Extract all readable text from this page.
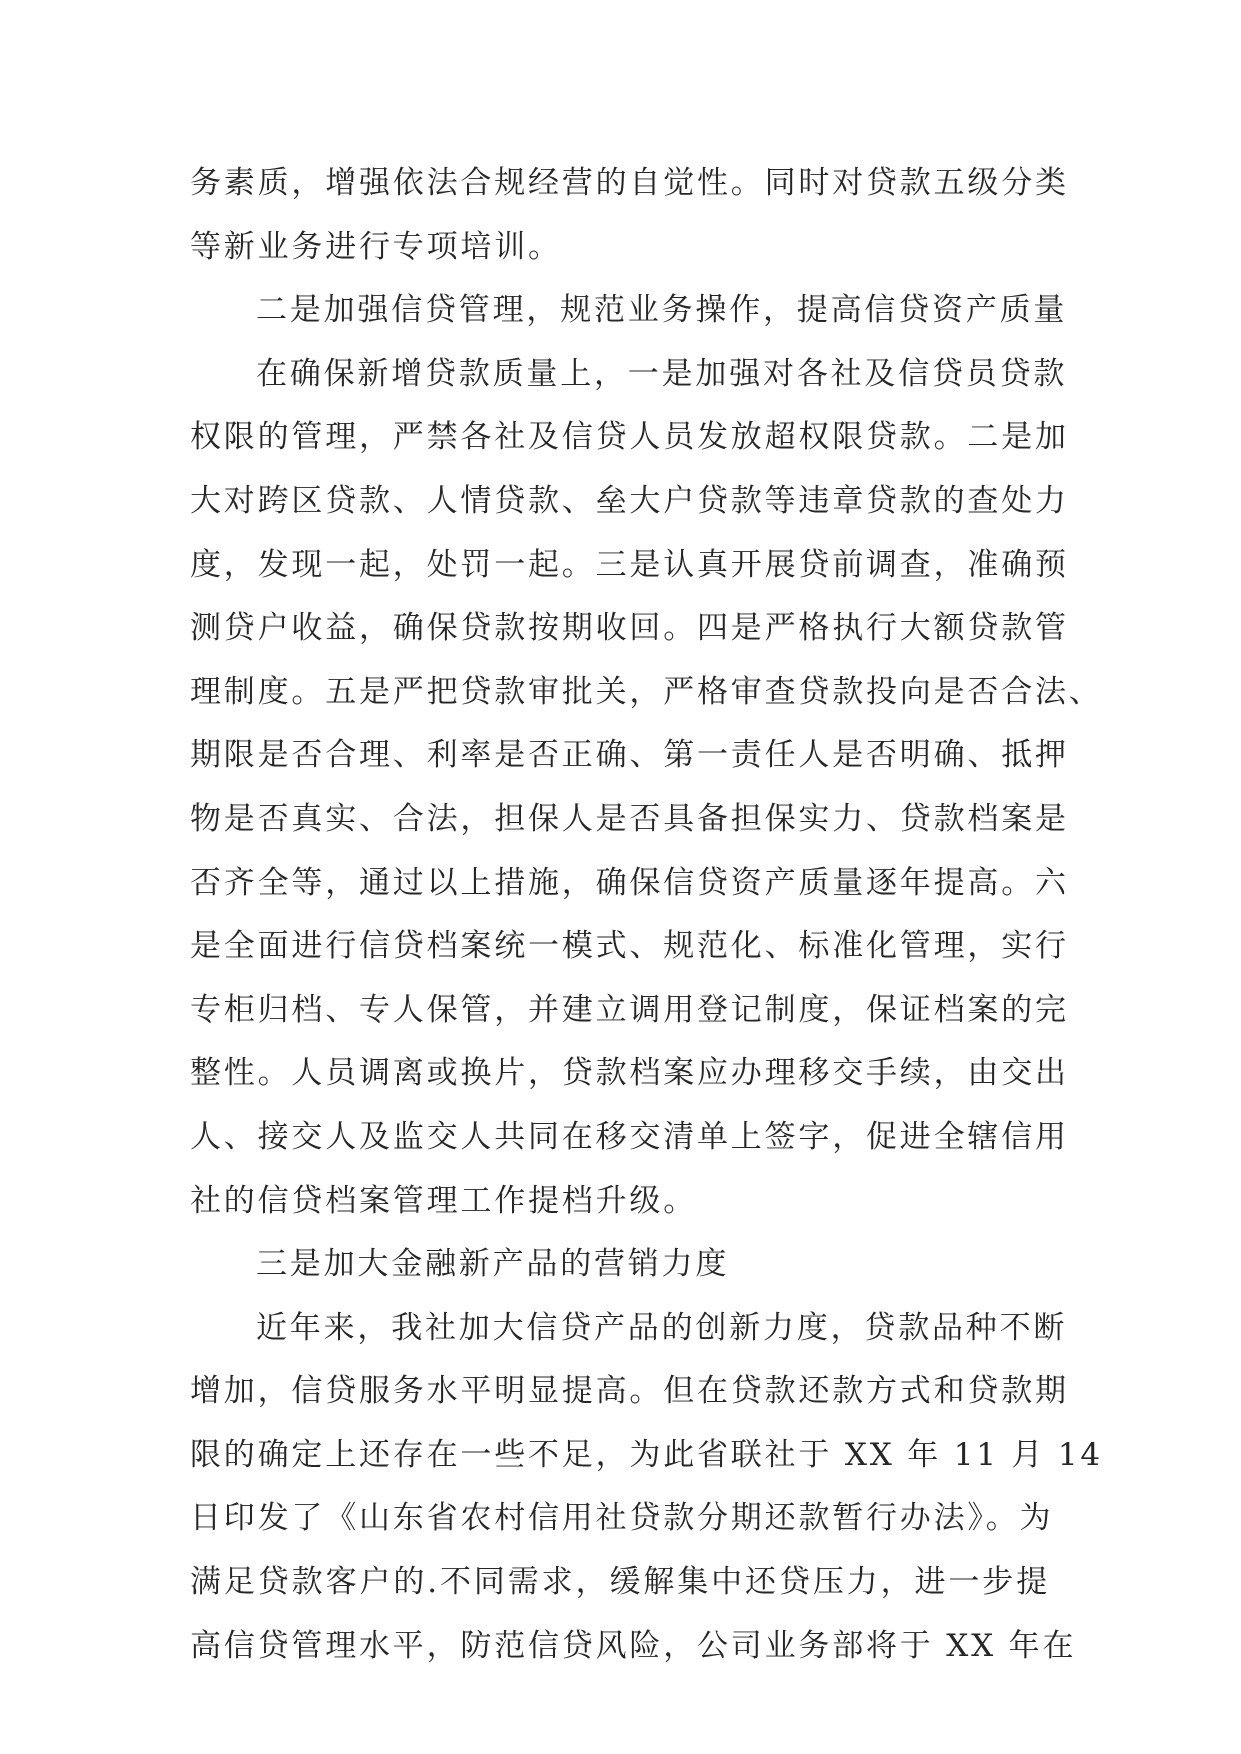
务素质，增强依法合规经营的自觉性。同时对贷款五级分类
等新业务进行专项培训。
二是加强信贷管理，规范业务操作，提高信贷资产质量
在确保新增贷款质量上，一是加强对各社及信贷员贷款
权限的管理，严禁各社及信贷人员发放超权限贷款。二是加
大对跨区贷款、人情贷款、垒大户贷款等违章贷款的查处力
度，发现一起，处罚一起。三是认真开展贷前调查，准确预
测贷户收益，确保贷款按期收回。四是严格执行大额贷款管
理制度。五是严把贷款审批关，严格审查贷款投向是否合法、
期限是否合理、利率是否正确、第一责任人是否明确、抵押
物是否真实、合法，担保人是否具备担保实力、贷款档案是
否齐全等，通过以上措施，确保信贷资产质量逐年提高。六
是全面进行信贷档案统一模式、规范化、标准化管理，实行
专柜归档、专人保管，并建立调用登记制度，保证档案的完
整性。人员调离或换片，贷款档案应办理移交手续，由交出
人、接交人及监交人共同在移交清单上签字，促进全辖信用
社的信贷档案管理工作提档升级。
三是加大金融新产品的营销力度
近年来，我社加大信贷产品的创新力度，贷款品种不断
增加，信贷服务水平明显提高。但在贷款还款方式和贷款期
限的确定上还存在一些不足，为此省联社于 XX 年 11 月 14
日印发了《山东省农村信用社贷款分期还款暂行办法》。为
满足贷款客户的.不同需求，缓解集中还贷压力，进一步提
高信贷管理水平，防范信贷风险，公司业务部将于 XX 年在
